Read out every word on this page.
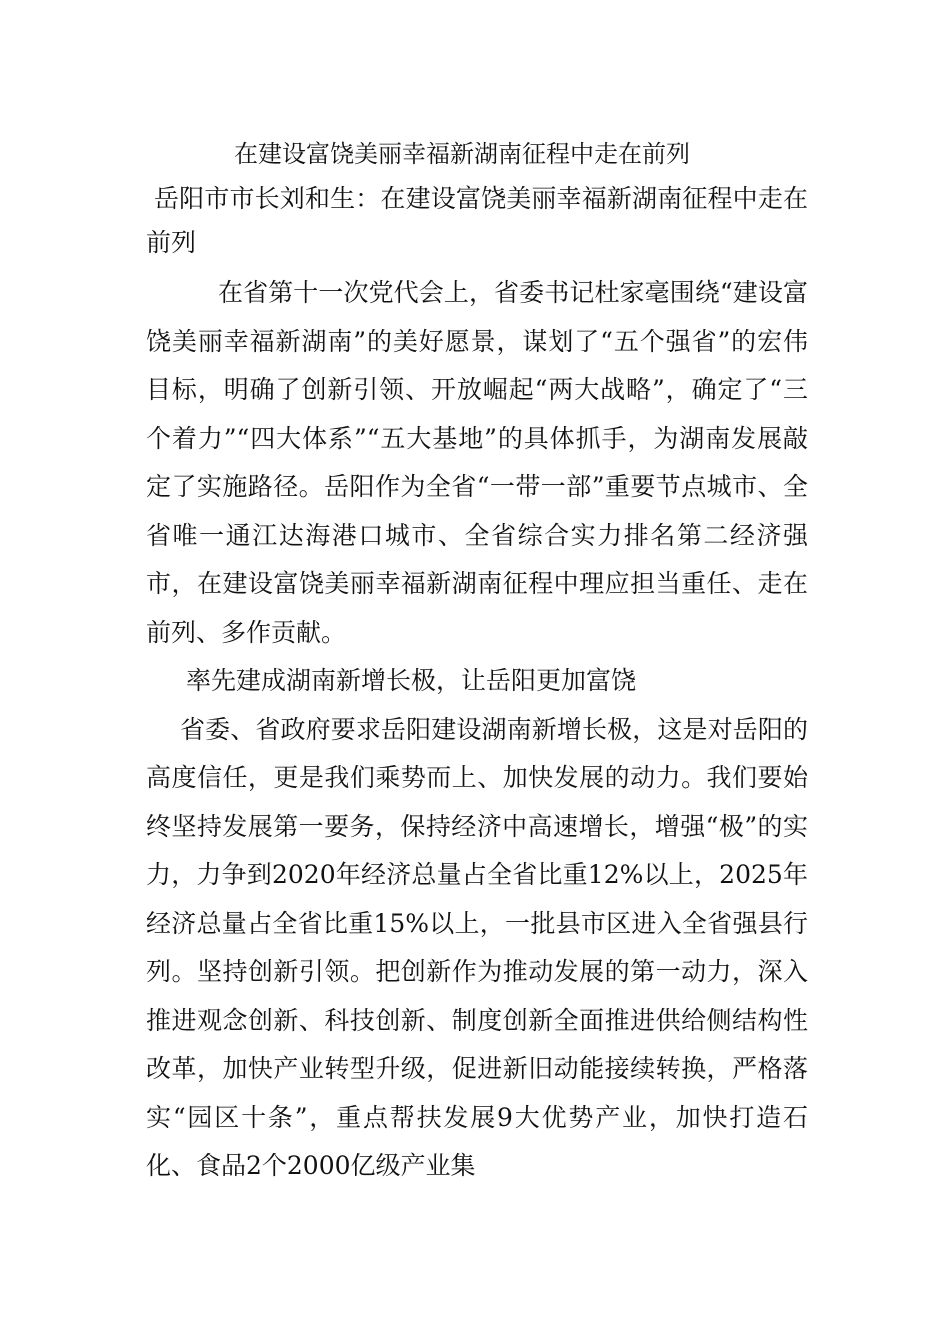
在建设富饶美丽幸福新湖南征程中走在前列

岳阳市市长刘和生：在建设富饶美丽幸福新湖南征程中走在前列

在省第十一次党代会上，省委书记杜家毫围绕“建设富饶美丽幸福新湖南”的美好愿景，谋划了“五个强省”的宏伟目标，明确了创新引领、开放崛起“两大战略”，确定了“三个着力”“四大体系”“五大基地”的具体抓手，为湖南发展敲定了实施路径。岳阳作为全省“一带一部”重要节点城市、全省唯一通江达海港口城市、全省综合实力排名第二经济强市，在建设富饶美丽幸福新湖南征程中理应担当重任、走在前列、多作贡献。

率先建成湖南新增长极，让岳阳更加富饶

省委、省政府要求岳阳建设湖南新增长极，这是对岳阳的高度信任，更是我们乘势而上、加快发展的动力。我们要始终坚持发展第一要务，保持经济中高速增长，增强“极”的实力，力争到2020年经济总量占全省比重12%以上，2025年经济总量占全省比重15%以上，一批县市区进入全省强县行列。坚持创新引领。把创新作为推动发展的第一动力，深入推进观念创新、科技创新、制度创新全面推进供给侧结构性改革，加快产业转型升级，促进新旧动能接续转换，严格落实“园区十条”，重点帮扶发展9大优势产业，加快打造石化、食品2个2000亿级产业集
